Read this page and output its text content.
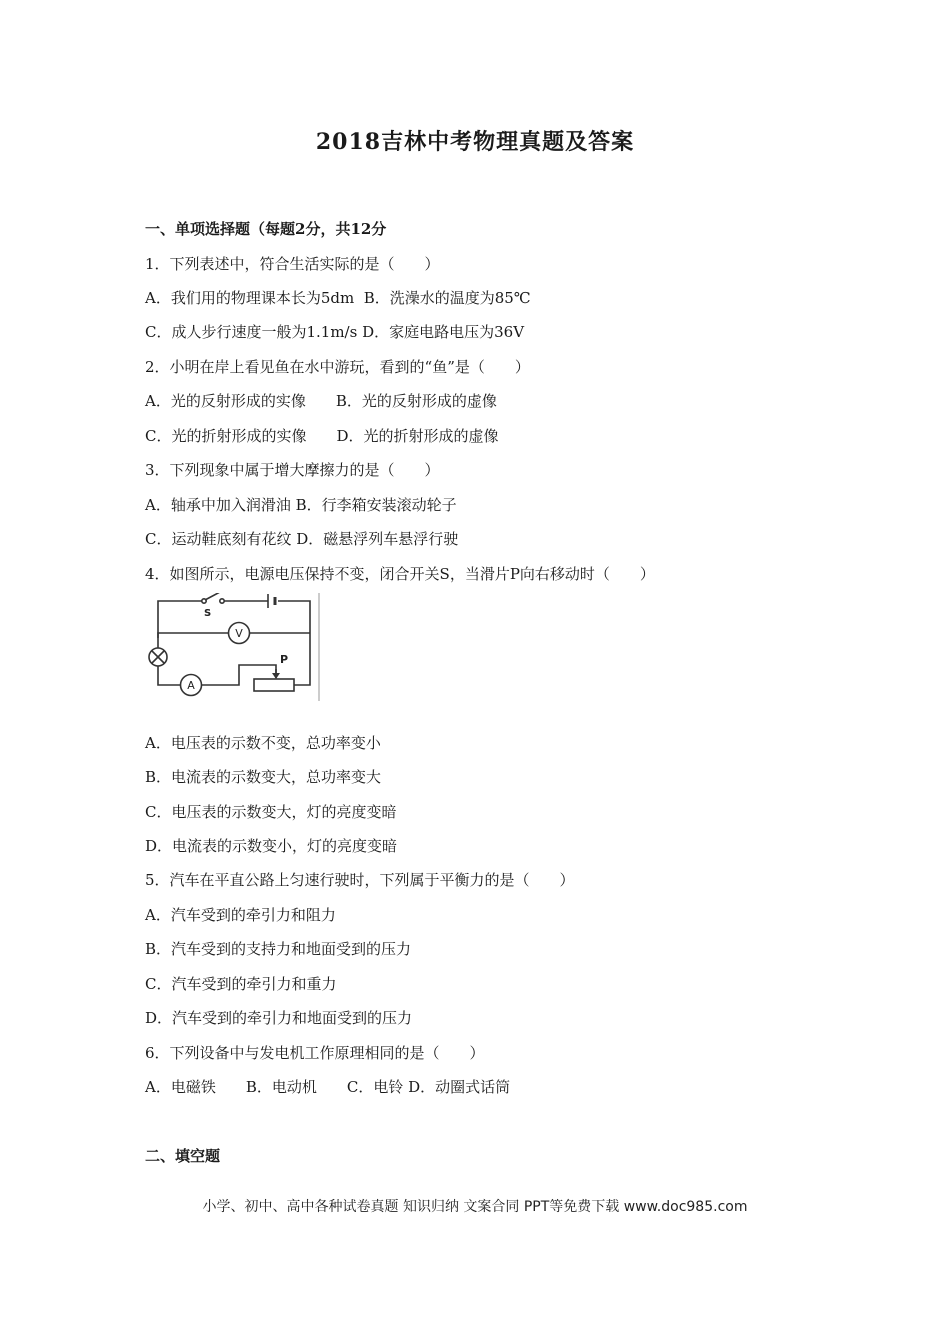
2018吉林中考物理真题及答案
一、单项选择题（每题2分，共12分
1．下列表述中，符合生活实际的是（　　）
A．我们用的物理课本长为5dm  B．洗澡水的温度为85℃
C．成人步行速度一般为1.1m/s D．家庭电路电压为36V
2．小明在岸上看见鱼在水中游玩，看到的“鱼”是（　　）
A．光的反射形成的实像　　B．光的反射形成的虚像
C．光的折射形成的实像　　D．光的折射形成的虚像
3．下列现象中属于增大摩擦力的是（　　）
A．轴承中加入润滑油 B．行李箱安装滚动轮子
C．运动鞋底刻有花纹 D．磁悬浮列车悬浮行驶
4．如图所示，电源电压保持不变，闭合开关S，当滑片P向右移动时（　　）
S
V
A
P
A．电压表的示数不变，总功率变小
B．电流表的示数变大，总功率变大
C．电压表的示数变大，灯的亮度变暗
D．电流表的示数变小，灯的亮度变暗
5．汽车在平直公路上匀速行驶时，下列属于平衡力的是（　　）
A．汽车受到的牵引力和阻力
B．汽车受到的支持力和地面受到的压力
C．汽车受到的牵引力和重力
D．汽车受到的牵引力和地面受到的压力
6．下列设备中与发电机工作原理相同的是（　　）
A．电磁铁　　B．电动机　　C．电铃 D．动圈式话筒
二、填空题
小学、初中、高中各种试卷真题 知识归纳 文案合同 PPT等免费下载 www.doc985.com
